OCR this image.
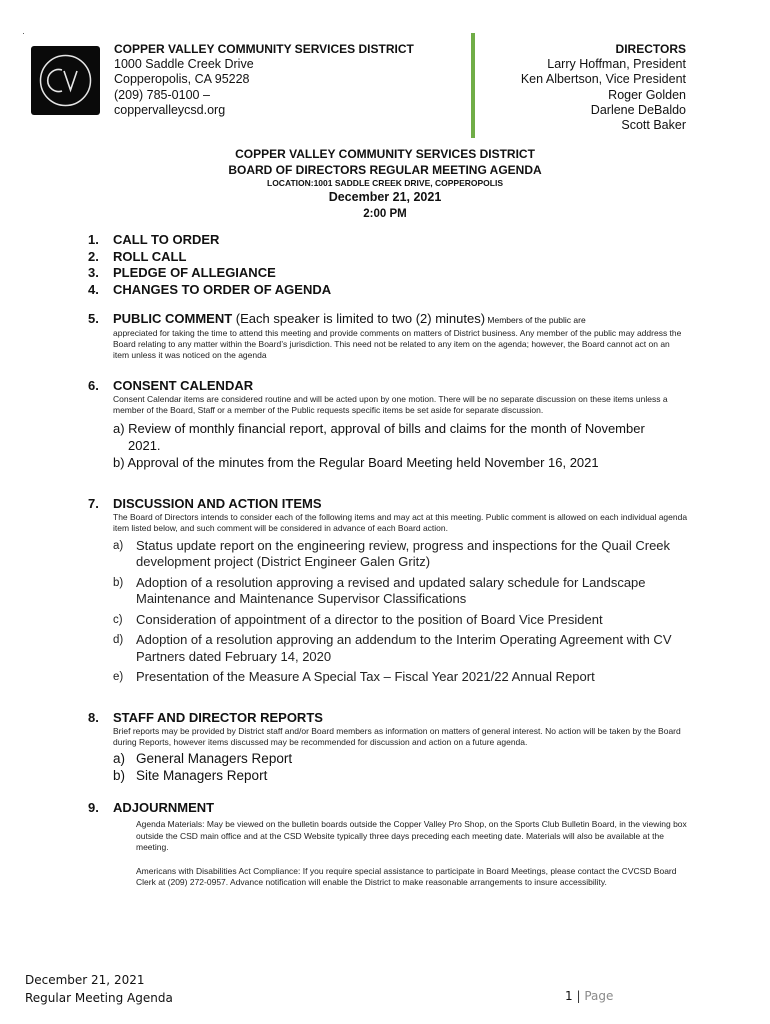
·
COPPER VALLEY COMMUNITY SERVICES DISTRICT
1000 Saddle Creek Drive
Copperopolis, CA 95228
(209) 785-0100 –
coppervalleycsd.org
DIRECTORS
Larry Hoffman, President
Ken Albertson, Vice President
Roger Golden
Darlene DeBaldo
Scott Baker
COPPER VALLEY COMMUNITY SERVICES DISTRICT
BOARD OF DIRECTORS REGULAR MEETING AGENDA
LOCATION:1001 SADDLE CREEK DRIVE, COPPEROPOLIS
December 21, 2021
2:00 PM
1. CALL TO ORDER
2. ROLL CALL
3. PLEDGE OF ALLEGIANCE
4. CHANGES TO ORDER OF AGENDA
5. PUBLIC COMMENT (Each speaker is limited to two (2) minutes) Members of the public are
appreciated for taking the time to attend this meeting and provide comments on matters of District business. Any member of the public may address the Board relating to any matter within the Board’s jurisdiction. This need not be related to any item on the agenda; however, the Board cannot act on an item unless it was noticed on the agenda
6. CONSENT CALENDAR
Consent Calendar items are considered routine and will be acted upon by one motion. There will be no separate discussion on these items unless a member of the Board, Staff or a member of the Public requests specific items be set aside for separate discussion.
a) Review of monthly financial report, approval of bills and claims for the month of November
2021.
b) Approval of the minutes from the Regular Board Meeting held November 16, 2021
7. DISCUSSION AND ACTION ITEMS
The Board of Directors intends to consider each of the following items and may act at this meeting. Public comment is allowed on each individual agenda item listed below, and such comment will be considered in advance of each Board action.
a) Status update report on the engineering review, progress and inspections for the Quail Creek development project (District Engineer Galen Gritz)
b) Adoption of a resolution approving a revised and updated salary schedule for Landscape Maintenance and Maintenance Supervisor Classifications
c)	Consideration of appointment of a director to the position of Board Vice President
d) Adoption of a resolution approving an addendum to the Interim Operating Agreement with CV Partners dated February 14, 2020
e) Presentation of the Measure A Special Tax – Fiscal Year 2021/22 Annual Report
8. STAFF AND DIRECTOR REPORTS
Brief reports may be provided by District staff and/or Board members as information on matters of general interest. No action will be taken by the Board during Reports, however items discussed may be recommended for discussion and action on a future agenda.
a) General Managers Report
b) Site Managers Report
9. ADJOURNMENT
Agenda Materials: May be viewed on the bulletin boards outside the Copper Valley Pro Shop, on the Sports Club Bulletin Board, in the viewing box outside the CSD main office and at the CSD Website typically three days preceding each meeting date. Materials will also be available at the meeting.
Americans with Disabilities Act Compliance: If you require special assistance to participate in Board Meetings, please contact the CVCSD Board Clerk at (209) 272-0957. Advance notification will enable the District to make reasonable arrangements to insure accessibility.
December 21, 2021
Regular Meeting Agenda	1 | Page
